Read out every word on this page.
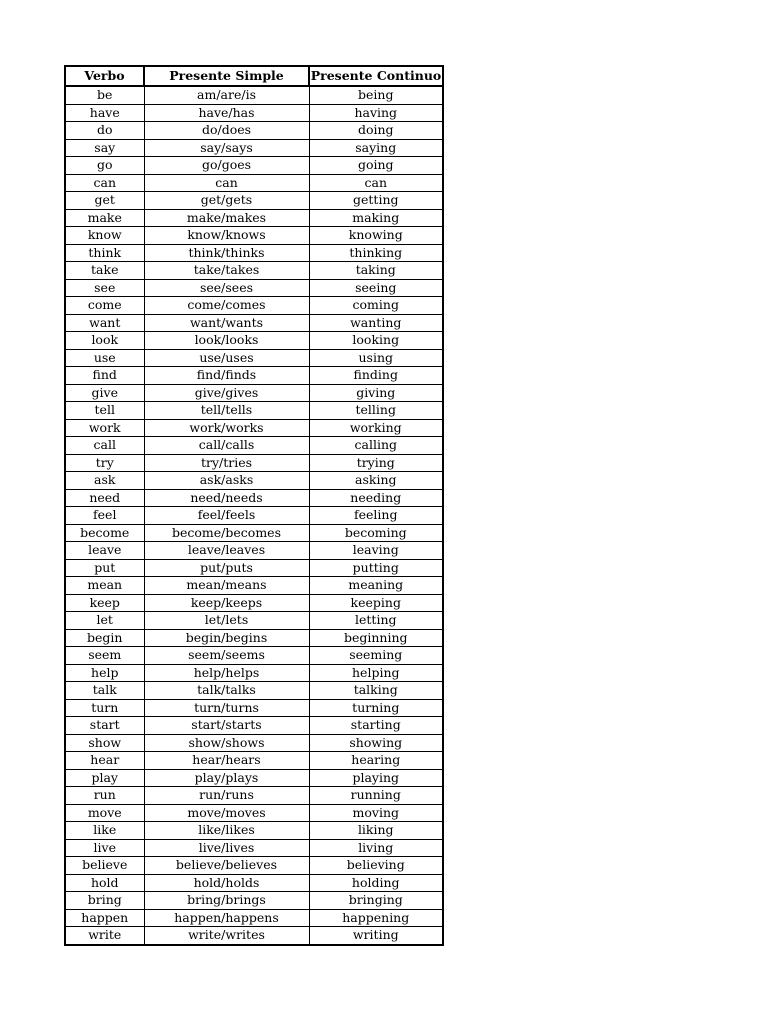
Verbo	Presente Simple	Presente Continuo
be	am/are/is	being
have	have/has	having
do	do/does	doing
say	say/says	saying
go	go/goes	going
can	can	can
get	get/gets	getting
make	make/makes	making
know	know/knows	knowing
think	think/thinks	thinking
take	take/takes	taking
see	see/sees	seeing
come	come/comes	coming
want	want/wants	wanting
look	look/looks	looking
use	use/uses	using
find	find/finds	finding
give	give/gives	giving
tell	tell/tells	telling
work	work/works	working
call	call/calls	calling
try	try/tries	trying
ask	ask/asks	asking
need	need/needs	needing
feel	feel/feels	feeling
become	become/becomes	becoming
leave	leave/leaves	leaving
put	put/puts	putting
mean	mean/means	meaning
keep	keep/keeps	keeping
let	let/lets	letting
begin	begin/begins	beginning
seem	seem/seems	seeming
help	help/helps	helping
talk	talk/talks	talking
turn	turn/turns	turning
start	start/starts	starting
show	show/shows	showing
hear	hear/hears	hearing
play	play/plays	playing
run	run/runs	running
move	move/moves	moving
like	like/likes	liking
live	live/lives	living
believe	believe/believes	believing
hold	hold/holds	holding
bring	bring/brings	bringing
happen	happen/happens	happening
write	write/writes	writing
